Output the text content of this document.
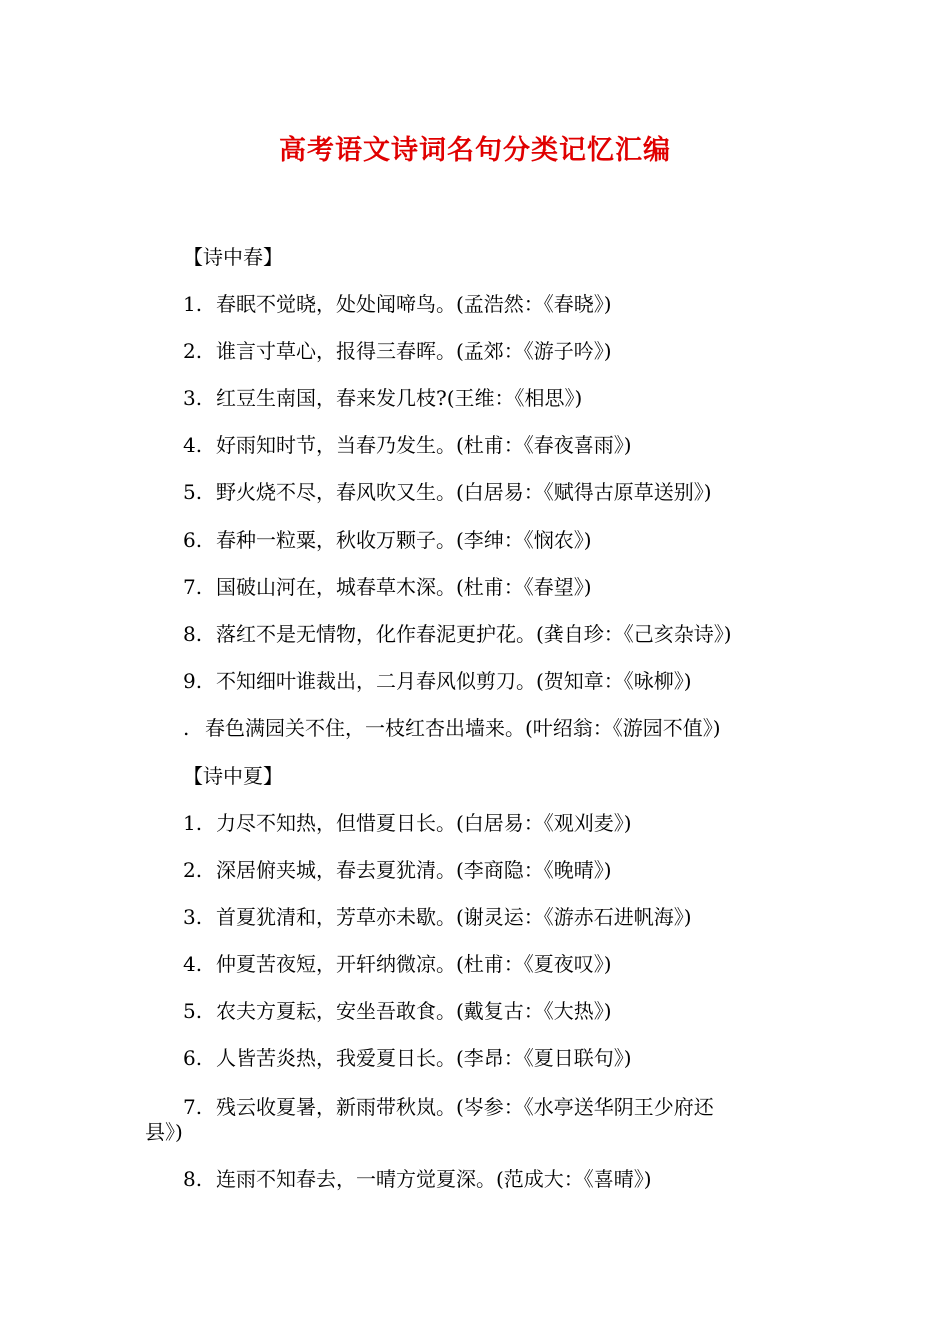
高考语文诗词名句分类记忆汇编
【诗中春】
1. 春眠不觉晓，处处闻啼鸟。(孟浩然：《春晓》)
2. 谁言寸草心，报得三春晖。(孟郊：《游子吟》)
3. 红豆生南国，春来发几枝?(王维：《相思》)
4. 好雨知时节，当春乃发生。(杜甫：《春夜喜雨》)
5. 野火烧不尽，春风吹又生。(白居易：《赋得古原草送别》)
6. 春种一粒粟，秋收万颗子。(李绅：《悯农》)
7. 国破山河在，城春草木深。(杜甫：《春望》)
8. 落红不是无情物，化作春泥更护花。(龚自珍：《己亥杂诗》)
9. 不知细叶谁裁出，二月春风似剪刀。(贺知章：《咏柳》)
. 春色满园关不住，一枝红杏出墙来。(叶绍翁：《游园不值》)
【诗中夏】
1. 力尽不知热，但惜夏日长。(白居易：《观刈麦》)
2. 深居俯夹城，春去夏犹清。(李商隐：《晚晴》)
3. 首夏犹清和，芳草亦未歇。(谢灵运：《游赤石进帆海》)
4. 仲夏苦夜短，开轩纳微凉。(杜甫：《夏夜叹》)
5. 农夫方夏耘，安坐吾敢食。(戴复古：《大热》)
6. 人皆苦炎热，我爱夏日长。(李昂：《夏日联句》)
7. 残云收夏暑，新雨带秋岚。(岑参：《水亭送华阴王少府还
县》)
8. 连雨不知春去，一晴方觉夏深。(范成大：《喜晴》)
